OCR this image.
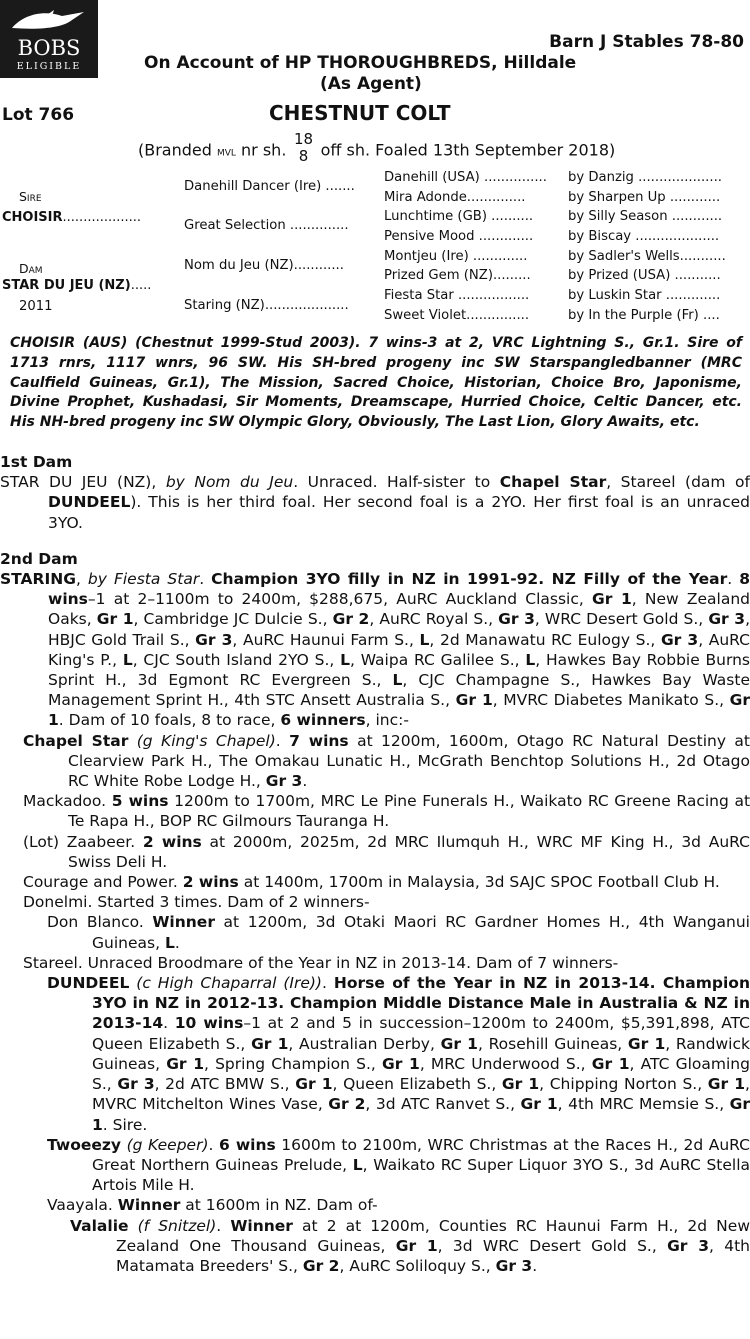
BOBS
ELIGIBLE
Barn J Stables 78-80
On Account of HP THOROUGHBREDS, Hilldale
(As Agent)
Lot 766	CHESTNUT COLT
(Branded MVL nr sh. 18
8 off sh. Foaled 13th September 2018)
Sire
CHOISIR...................
Dam
STAR DU JEU (NZ).....
2011
Danehill Dancer (Ire) .......
Great Selection ..............
Nom du Jeu (NZ)............
Staring (NZ)....................
Danehill (USA) ...............
Mira Adonde..............
Lunchtime (GB) ..........
Pensive Mood .............
Montjeu (Ire) .............
Prized Gem (NZ).........
Fiesta Star .................
Sweet Violet...............
by Danzig ....................
by Sharpen Up ............
by Silly Season ............
by Biscay ....................
by Sadler's Wells...........
by Prized (USA) ...........
by Luskin Star .............
by In the Purple (Fr) ....
CHOISIR (AUS) (Chestnut 1999-Stud 2003). 7 wins-3 at 2, VRC Lightning S., Gr.1. Sire of 1713 rnrs, 1117 wnrs, 96 SW. His SH-bred progeny inc SW Starspangledbanner (MRC Caulfield Guineas, Gr.1), The Mission, Sacred Choice, Historian, Choice Bro, Japonisme, Divine Prophet, Kushadasi, Sir Moments, Dreamscape, Hurried Choice, Celtic Dancer, etc. His NH-bred progeny inc SW Olympic Glory, Obviously, The Last Lion, Glory Awaits, etc.

1st Dam

STAR DU JEU (NZ), by Nom du Jeu. Unraced. Half-sister to Chapel Star, Stareel (dam of DUNDEEL). This is her third foal. Her second foal is a 2YO. Her first foal is an unraced 3YO.

2nd Dam

STARING, by Fiesta Star. Champion 3YO filly in NZ in 1991-92. NZ Filly of the Year. 8 wins–1 at 2–1100m to 2400m, $288,675, AuRC Auckland Classic, Gr 1, New Zealand Oaks, Gr 1, Cambridge JC Dulcie S., Gr 2, AuRC Royal S., Gr 3, WRC Desert Gold S., Gr 3, HBJC Gold Trail S., Gr 3, AuRC Haunui Farm S., L, 2d Manawatu RC Eulogy S., Gr 3, AuRC King's P., L, CJC South Island 2YO S., L, Waipa RC Galilee S., L, Hawkes Bay Robbie Burns Sprint H., 3d Egmont RC Evergreen S., L, CJC Champagne S., Hawkes Bay Waste Management Sprint H., 4th STC Ansett Australia S., Gr 1, MVRC Diabetes Manikato S., Gr 1. Dam of 10 foals, 8 to race, 6 winners, inc:-

Chapel Star (g King's Chapel). 7 wins at 1200m, 1600m, Otago RC Natural Destiny at Clearview Park H., The Omakau Lunatic H., McGrath Benchtop Solutions H., 2d Otago RC White Robe Lodge H., Gr 3.

Mackadoo. 5 wins 1200m to 1700m, MRC Le Pine Funerals H., Waikato RC Greene Racing at Te Rapa H., BOP RC Gilmours Tauranga H.

(Lot) Zaabeer. 2 wins at 2000m, 2025m, 2d MRC Ilumquh H., WRC MF King H., 3d AuRC Swiss Deli H.

Courage and Power. 2 wins at 1400m, 1700m in Malaysia, 3d SAJC SPOC Football Club H.

Donelmi. Started 3 times. Dam of 2 winners-

Don Blanco. Winner at 1200m, 3d Otaki Maori RC Gardner Homes H., 4th Wanganui Guineas, L.

Stareel. Unraced Broodmare of the Year in NZ in 2013-14. Dam of 7 winners-

DUNDEEL (c High Chaparral (Ire)). Horse of the Year in NZ in 2013-14. Champion 3YO in NZ in 2012-13. Champion Middle Distance Male in Australia & NZ in 2013-14. 10 wins–1 at 2 and 5 in succession–1200m to 2400m, $5,391,898, ATC Queen Elizabeth S., Gr 1, Australian Derby, Gr 1, Rosehill Guineas, Gr 1, Randwick Guineas, Gr 1, Spring Champion S., Gr 1, MRC Underwood S., Gr 1, ATC Gloaming S., Gr 3, 2d ATC BMW S., Gr 1, Queen Elizabeth S., Gr 1, Chipping Norton S., Gr 1, MVRC Mitchelton Wines Vase, Gr 2, 3d ATC Ranvet S., Gr 1, 4th MRC Memsie S., Gr 1. Sire.

Twoeezy (g Keeper). 6 wins 1600m to 2100m, WRC Christmas at the Races H., 2d AuRC Great Northern Guineas Prelude, L, Waikato RC Super Liquor 3YO S., 3d AuRC Stella Artois Mile H.

Vaayala. Winner at 1600m in NZ. Dam of-

Valalie (f Snitzel). Winner at 2 at 1200m, Counties RC Haunui Farm H., 2d New Zealand One Thousand Guineas, Gr 1, 3d WRC Desert Gold S., Gr 3, 4th Matamata Breeders' S., Gr 2, AuRC Soliloquy S., Gr 3.
